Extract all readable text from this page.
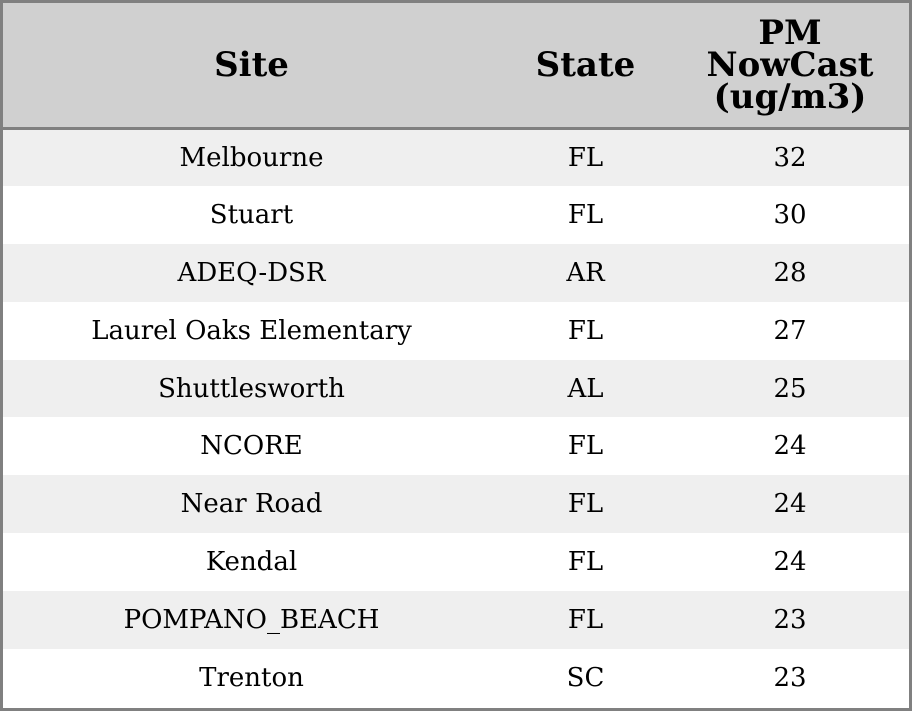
Site	State	PM NowCast (ug/m3)
Melbourne	FL	32
Stuart	FL	30
ADEQ-DSR	AR	28
Laurel Oaks Elementary	FL	27
Shuttlesworth	AL	25
NCORE	FL	24
Near Road	FL	24
Kendal	FL	24
POMPANO_BEACH	FL	23
Trenton	SC	23
